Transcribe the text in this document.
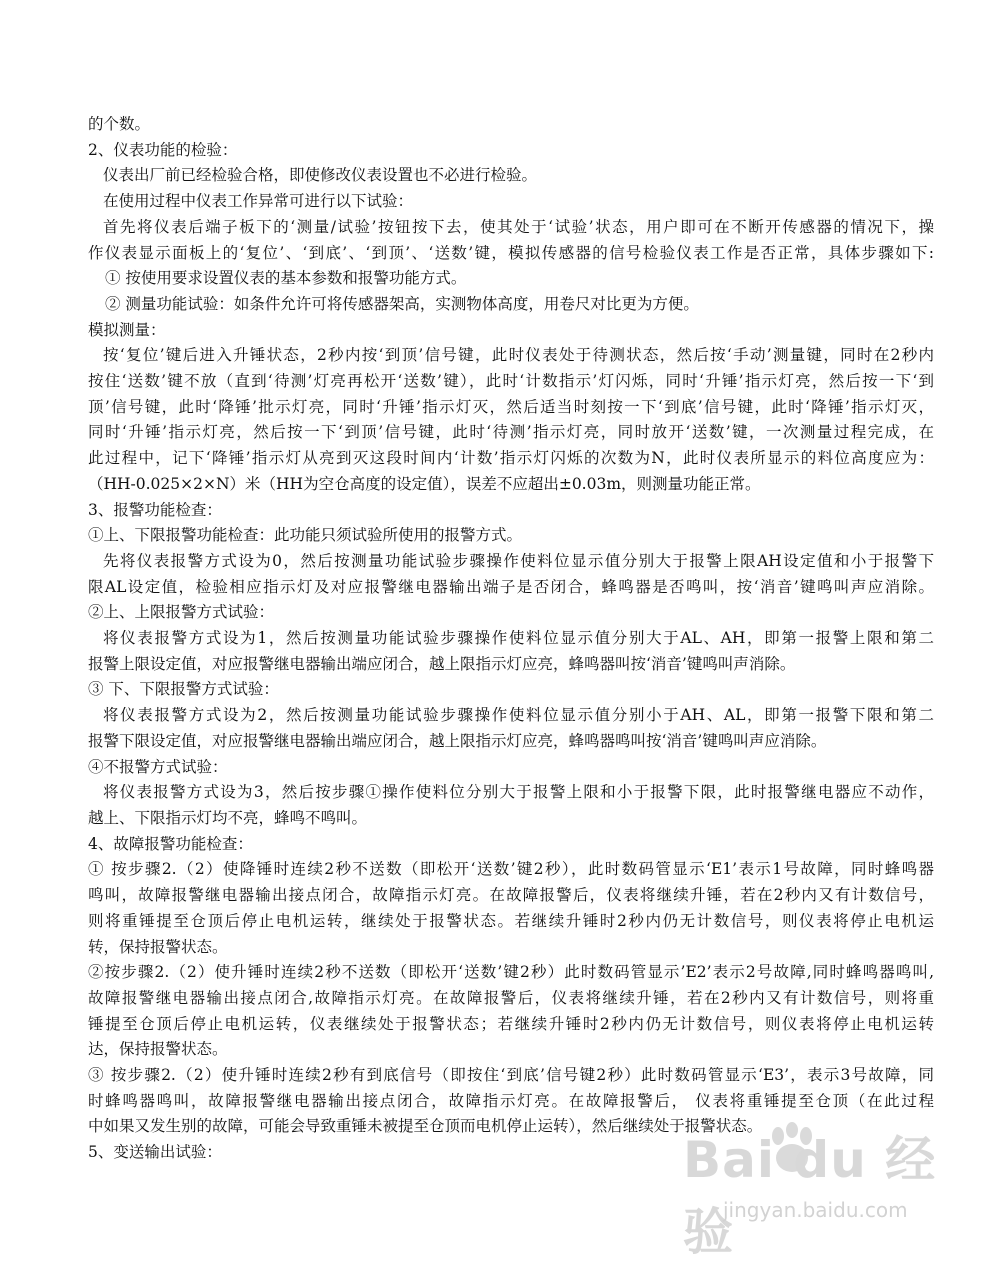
的个数。
2、仪表功能的检验：
仪表出厂前已经检验合格，即使修改仪表设置也不必进行检验。
在使用过程中仪表工作异常可进行以下试验：
首先将仪表后端子板下的‘测量/试验’按钮按下去，使其处于‘试验’状态，用户即可在不断开传感器的情况下，操
作仪表显示面板上的‘复位’、‘到底’、‘到顶’、‘送数’键，模拟传感器的信号检验仪表工作是否正常，具体步骤如下:
① 按使用要求设置仪表的基本参数和报警功能方式。
② 测量功能试验：如条件允许可将传感器架高，实测物体高度，用卷尺对比更为方便。
模拟测量：
按‘复位’键后进入升锤状态，2秒内按‘到顶’信号键，此时仪表处于待测状态，然后按‘手动’测量键，同时在2秒内
按住‘送数’键不放（直到‘待测’灯亮再松开‘送数’键），此时‘计数指示’灯闪烁，同时‘升锤’指示灯亮，然后按一下‘到
顶’信号键，此时‘降锤’批示灯亮，同时‘升锤’指示灯灭，然后适当时刻按一下‘到底’信号键，此时‘降锤’指示灯灭，
同时‘升锤’指示灯亮，然后按一下‘到顶’信号键，此时‘待测’指示灯亮，同时放开‘送数’键，一次测量过程完成，在
此过程中，记下‘降锤’指示灯从亮到灭这段时间内‘计数’指示灯闪烁的次数为N，此时仪表所显示的料位高度应为：
（HH-0.025×2×N）米（HH为空仓高度的设定值），误差不应超出±0.03m，则测量功能正常。
3、报警功能检查：
①上、下限报警功能检查：此功能只须试验所使用的报警方式。
先将仪表报警方式设为0，然后按测量功能试验步骤操作使料位显示值分别大于报警上限AH设定值和小于报警下
限AL设定值，检验相应指示灯及对应报警继电器输出端子是否闭合，蜂鸣器是否鸣叫，按‘消音’键鸣叫声应消除。
②上、上限报警方式试验：
将仪表报警方式设为1，然后按测量功能试验步骤操作使料位显示值分别大于AL、AH，即第一报警上限和第二
报警上限设定值，对应报警继电器输出端应闭合，越上限指示灯应亮，蜂鸣器叫按‘消音’键鸣叫声消除。
③ 下、下限报警方式试验：
将仪表报警方式设为2，然后按测量功能试验步骤操作使料位显示值分别小于AH、AL，即第一报警下限和第二
报警下限设定值，对应报警继电器输出端应闭合，越上限指示灯应亮，蜂鸣器鸣叫按‘消音’键鸣叫声应消除。
④不报警方式试验：
将仪表报警方式设为3，然后按步骤①操作使料位分别大于报警上限和小于报警下限，此时报警继电器应不动作，
越上、下限指示灯均不亮，蜂鸣不鸣叫。
4、故障报警功能检查：
① 按步骤2.（2）使降锤时连续2秒不送数（即松开‘送数’键2秒），此时数码管显示‘E1’表示1号故障，同时蜂鸣器
鸣叫，故障报警继电器输出接点闭合，故障指示灯亮。在故障报警后，仪表将继续升锤，若在2秒内又有计数信号，
则将重锤提至仓顶后停止电机运转，继续处于报警状态。若继续升锤时2秒内仍无计数信号，则仪表将停止电机运
转，保持报警状态。
②按步骤2.（2）使升锤时连续2秒不送数（即松开‘送数’键2秒）此时数码管显示’E2’表示2号故障,同时蜂鸣器鸣叫,
故障报警继电器输出接点闭合,故障指示灯亮。在故障报警后，仪表将继续升锤，若在2秒内又有计数信号，则将重
锤提至仓顶后停止电机运转，仪表继续处于报警状态；若继续升锤时2秒内仍无计数信号，则仪表将停止电机运转
达，保持报警状态。
③ 按步骤2.（2）使升锤时连续2秒有到底信号（即按住‘到底’信号键2秒）此时数码管显示‘E3’，表示3号故障，同
时蜂鸣器鸣叫，故障报警继电器输出接点闭合，故障指示灯亮。在故障报警后， 仪表将重锤提至仓顶（在此过程
中如果又发生别的故障，可能会导致重锤未被提至仓顶而电机停止运转），然后继续处于报警状态。
5、变送输出试验：	Bai du 经验
jingyan.baidu.com
